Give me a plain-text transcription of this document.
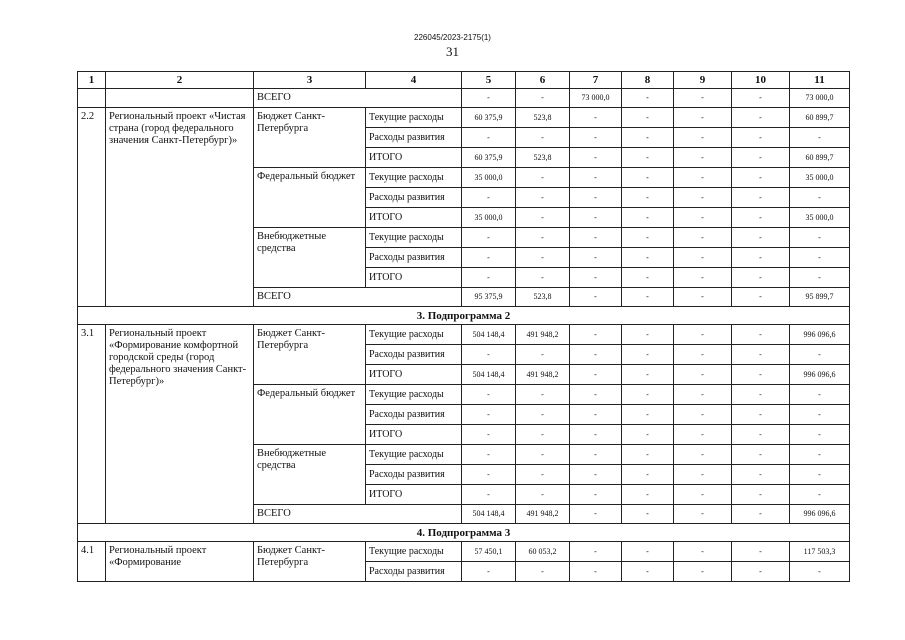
226045/2023-2175(1)
31
1	2	3	4	5	6	7	8	9	10	11
		ВСЕГО		-	-	73 000,0	-	-	-	73 000,0
2.2	Региональный проект «Чистая страна (город федерального значения Санкт-Петербург)»	Бюджет Санкт-Петербурга	Текущие расходы	60 375,9	523,8	-	-	-	-	60 899,7
			Расходы развития	-	-	-	-	-	-	-
			ИТОГО	60 375,9	523,8	-	-	-	-	60 899,7
		Федеральный бюджет	Текущие расходы	35 000,0	-	-	-	-	-	35 000,0
			Расходы развития	-	-	-	-	-	-	-
			ИТОГО	35 000,0	-	-	-	-	-	35 000,0
		Внебюджетные средства	Текущие расходы	-	-	-	-	-	-	-
			Расходы развития	-	-	-	-	-	-	-
			ИТОГО	-	-	-	-	-	-	-
		ВСЕГО		95 375,9	523,8	-	-	-	-	95 899,7
3. Подпрограмма 2										
3.1	Региональный проект «Формирование комфортной городской среды (город федерального значения Санкт-Петербург)»	Бюджет Санкт-Петербурга	Текущие расходы	504 148,4	491 948,2	-	-	-	-	996 096,6
			Расходы развития	-	-	-	-	-	-	-
			ИТОГО	504 148,4	491 948,2	-	-	-	-	996 096,6
		Федеральный бюджет	Текущие расходы	-	-	-	-	-	-	-
			Расходы развития	-	-	-	-	-	-	-
			ИТОГО	-	-	-	-	-	-	-
		Внебюджетные средства	Текущие расходы	-	-	-	-	-	-	-
			Расходы развития	-	-	-	-	-	-	-
			ИТОГО	-	-	-	-	-	-	-
		ВСЕГО		504 148,4	491 948,2	-	-	-	-	996 096,6
4. Подпрограмма 3										
4.1	Региональный проект «Формирование	Бюджет Санкт-Петербурга	Текущие расходы	57 450,1	60 053,2	-	-	-	-	117 503,3
			Расходы развития	-	-	-	-	-	-	-
